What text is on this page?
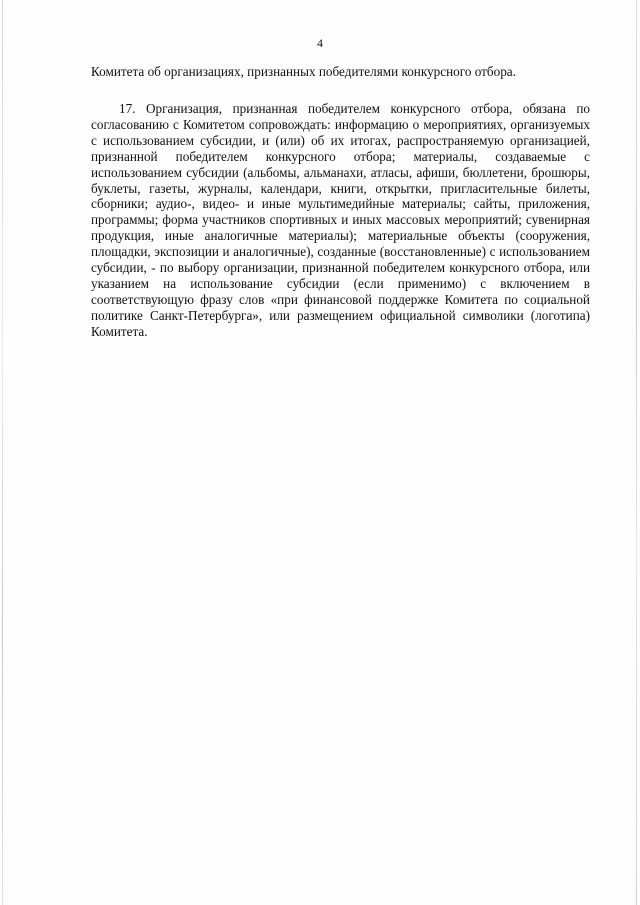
4
Комитета об организациях, признанных победителями конкурсного отбора.

17. Организация, признанная победителем конкурсного отбора, обязана по согласованию с Комитетом сопровождать: информацию о мероприятиях, организуемых с использованием субсидии, и (или) об их итогах, распространяемую организацией, признанной победителем конкурсного отбора; материалы, создаваемые с использованием субсидии (альбомы, альманахи, атласы, афиши, бюллетени, брошюры, буклеты, газеты, журналы, календари, книги, открытки, пригласительные билеты, сборники; аудио-, видео- и иные мультимедийные материалы; сайты, приложения, программы; форма участников спортивных и иных массовых мероприятий; сувенирная продукция, иные аналогичные материалы); материальные объекты (сооружения, площадки, экспозиции и аналогичные), созданные (восстановленные) с использованием субсидии, - по выбору организации, признанной победителем конкурсного отбора, или указанием на использование субсидии (если применимо) с включением в соответствующую фразу слов «при финансовой поддержке Комитета по социальной политике Санкт-Петербурга», или размещением официальной символики (логотипа) Комитета.
